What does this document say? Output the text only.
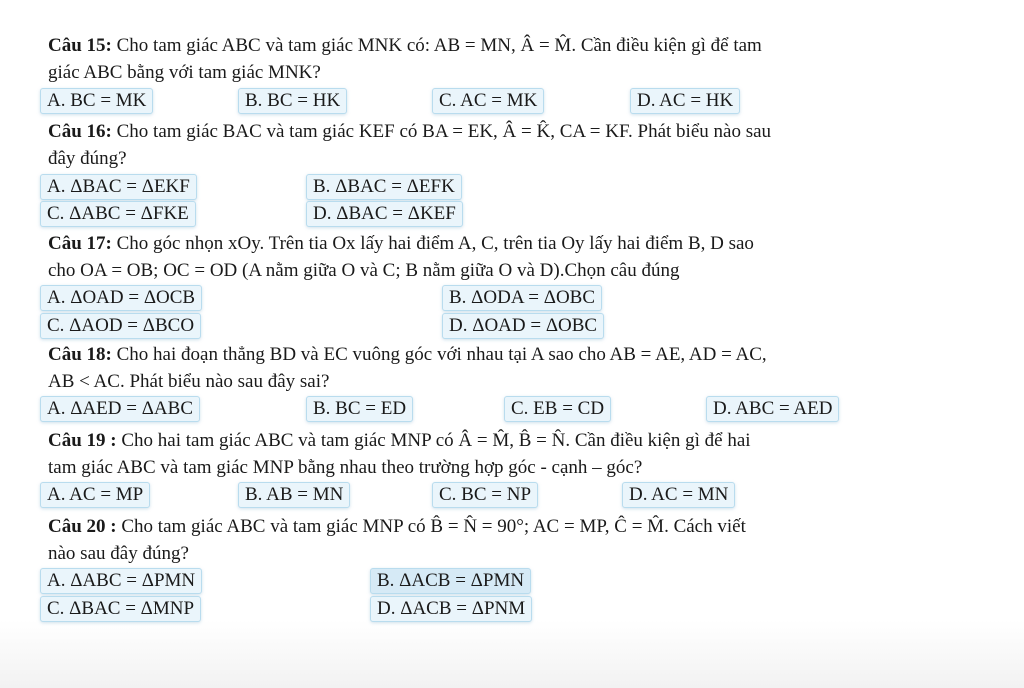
Câu 15: Cho tam giác ABC và tam giác MNK có: AB = MN, Â = M̂. Cần điều kiện gì để tam
giác ABC bằng với tam giác MNK?
A. BC = MK	B. BC = HK	C. AC = MK	D. AC = HK
Câu 16: Cho tam giác BAC và tam giác KEF có BA = EK, Â = K̂, CA = KF. Phát biểu nào sau
đây đúng?
A. ΔBAC = ΔEKF	B. ΔBAC = ΔEFK
C. ΔABC = ΔFKE	D. ΔBAC = ΔKEF
Câu 17: Cho góc nhọn xOy. Trên tia Ox lấy hai điểm A, C, trên tia Oy lấy hai điểm B, D sao
cho OA = OB; OC = OD (A nằm giữa O và C; B nằm giữa O và D).Chọn câu đúng
A. ΔOAD = ΔOCB	B. ΔODA = ΔOBC
C. ΔAOD = ΔBCO	D. ΔOAD = ΔOBC
Câu 18: Cho hai đoạn thẳng BD và EC vuông góc với nhau tại A sao cho AB = AE, AD = AC,
AB < AC. Phát biểu nào sau đây sai?
A. ΔAED = ΔABC	B. BC = ED	C. EB = CD	D. ABC = AED
Câu 19 : Cho hai tam giác ABC và tam giác MNP có Â = M̂, B̂ = N̂. Cần điều kiện gì để hai
tam giác ABC và tam giác MNP bằng nhau theo trường hợp góc - cạnh – góc?
A. AC = MP	B. AB = MN	C. BC = NP	D. AC = MN
Câu 20 : Cho tam giác ABC và tam giác MNP có B̂ = N̂ = 90°; AC = MP, Ĉ = M̂. Cách viết
nào sau đây đúng?
A. ΔABC = ΔPMN	B. ΔACB = ΔPMN
C. ΔBAC = ΔMNP	D. ΔACB = ΔPNM
